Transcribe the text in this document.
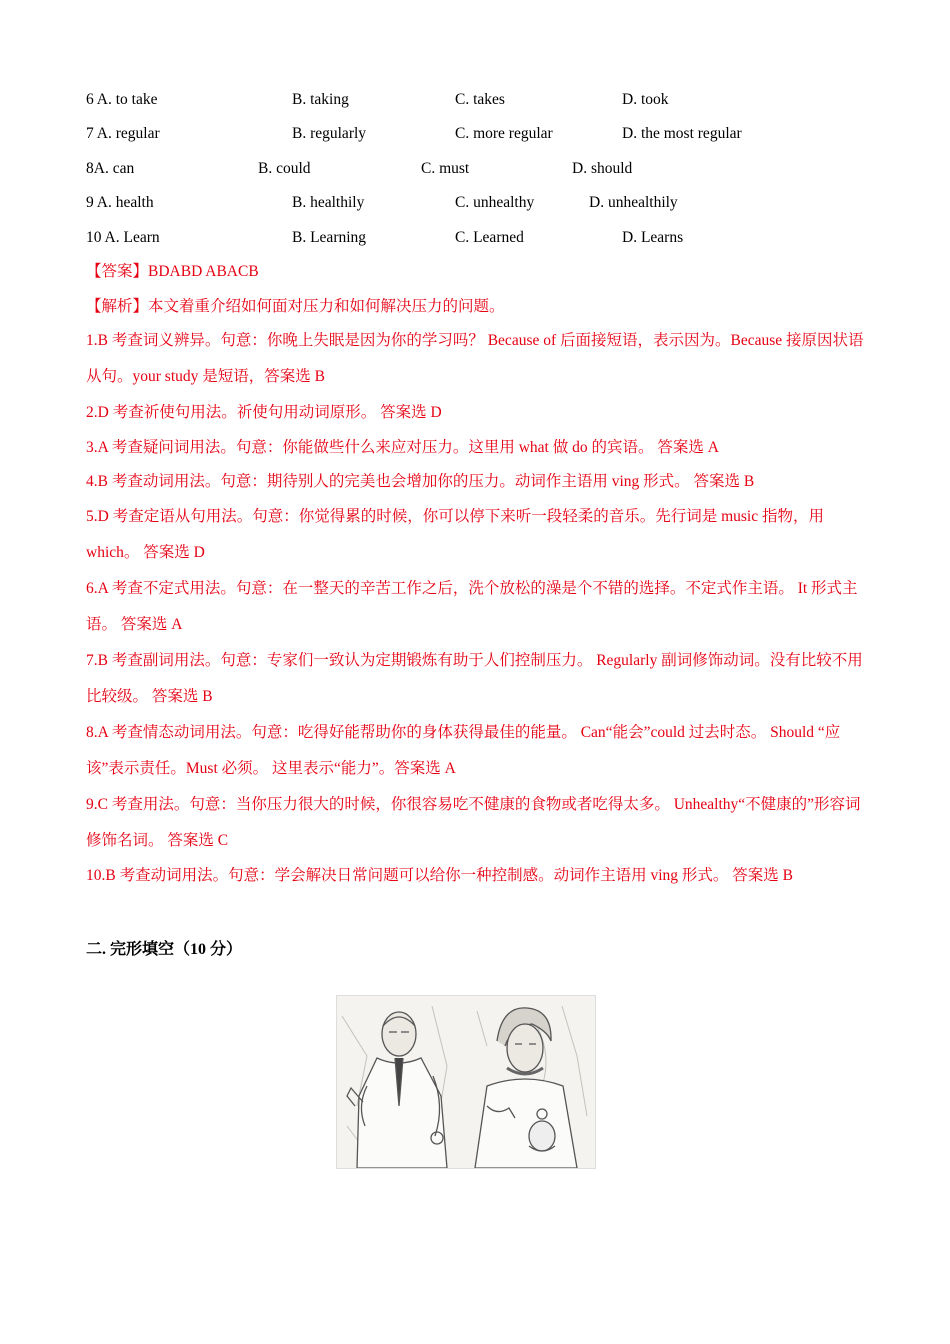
6 A. to take	B. taking	C. takes	D. took
7 A. regular	B. regularly	C. more regular	D. the most regular
8A. can	B. could	C. must	D. should
9 A. health	B. healthily	C. unhealthy	D. unhealthily
10 A. Learn	B. Learning	C. Learned	D. Learns
【答案】BDABD ABACB
【解析】本文着重介绍如何面对压力和如何解决压力的问题。
1.B 考查词义辨异。句意：你晚上失眠是因为你的学习吗？ Because of 后面接短语，表示因为。Because 接原因状语从句。your study 是短语，答案选 B
2.D 考查祈使句用法。祈使句用动词原形。 答案选 D
3.A 考查疑问词用法。句意：你能做些什么来应对压力。这里用 what 做 do 的宾语。 答案选 A
4.B 考查动词用法。句意：期待别人的完美也会增加你的压力。动词作主语用 ving 形式。 答案选 B
5.D 考查定语从句用法。句意：你觉得累的时候，你可以停下来听一段轻柔的音乐。先行词是 music 指物，用 which。 答案选 D
6.A 考查不定式用法。句意：在一整天的辛苦工作之后，洗个放松的澡是个不错的选择。不定式作主语。 It 形式主语。 答案选 A
7.B 考查副词用法。句意：专家们一致认为定期锻炼有助于人们控制压力。 Regularly 副词修饰动词。没有比较不用比较级。 答案选 B
8.A 考查情态动词用法。句意：吃得好能帮助你的身体获得最佳的能量。 Can“能会”could 过去时态。 Should “应该”表示责任。Must 必须。 这里表示“能力”。答案选 A
9.C 考查用法。句意：当你压力很大的时候，你很容易吃不健康的食物或者吃得太多。 Unhealthy“不健康的”形容词修饰名词。 答案选 C
10.B 考查动词用法。句意：学会解决日常问题可以给你一种控制感。动词作主语用 ving 形式。 答案选 B
二. 完形填空（10 分）
